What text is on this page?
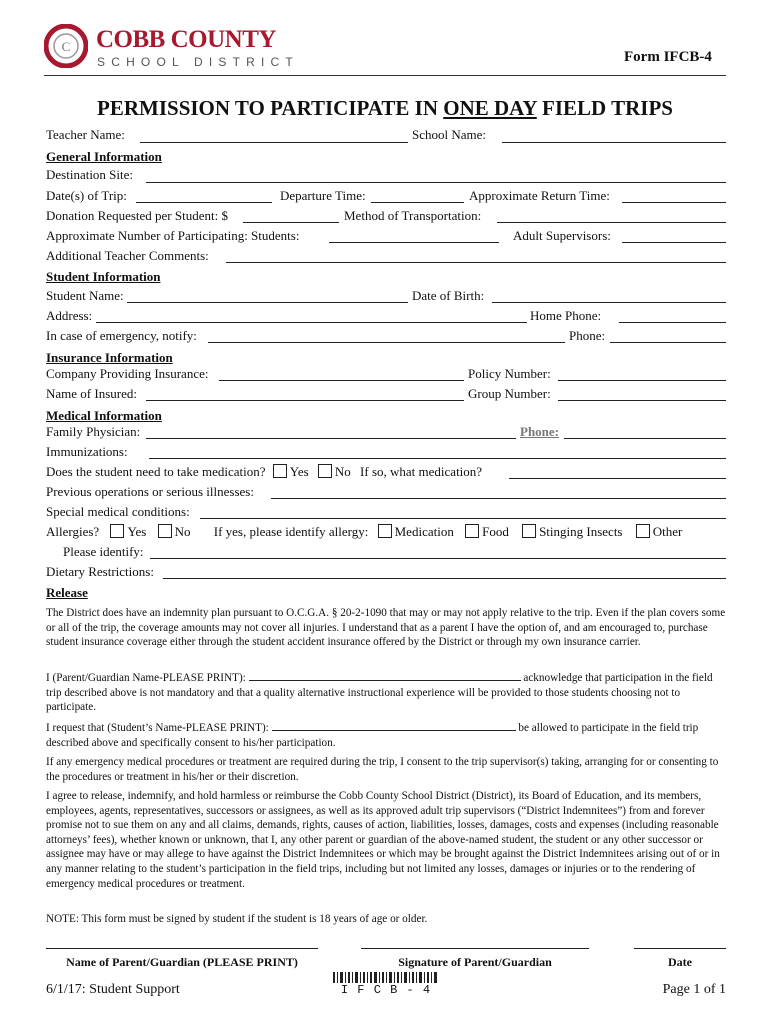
C COBB COUNTY
SCHOOL DISTRICT	Form IFCB-4
PERMISSION TO PARTICIPATE IN ONE DAY FIELD TRIPS
Teacher Name:	School Name:
General Information
Destination Site:
Date(s) of Trip:	Departure Time:	Approximate Return Time:
Donation Requested per Student: $	Method of Transportation:
Approximate Number of Participating: Students:	Adult Supervisors:
Additional Teacher Comments:
Student Information
Student Name:	Date of Birth:
Address:	Home Phone:
In case of emergency, notify:	Phone:
Insurance Information
Company Providing Insurance:	Policy Number:
Name of Insured:	Group Number:
Medical Information
Family Physician:	Phone:
Immunizations:
Does the student need to take medication? Yes No If so, what medication?
Previous operations or serious illnesses:
Special medical conditions:
Allergies? Yes No If yes, please identify allergy: Medication Food Stinging Insects Other
Please identify:
Dietary Restrictions:
Release
The District does have an indemnity plan pursuant to O.C.G.A. § 20-2-1090 that may or may not apply relative to the trip. Even if the plan covers some or all of the trip, the coverage amounts may not cover all injuries. I understand that as a parent I have the option of, and am encouraged to, purchase student insurance coverage either through the student accident insurance offered by the District or through my own insurance carrier.
I (Parent/Guardian Name-PLEASE PRINT):	acknowledge that participation in the field trip described above is not mandatory and that a quality alternative instructional experience will be provided to those students choosing not to participate.
I request that (Student’s Name-PLEASE PRINT):	be allowed to participate in the field trip described above and specifically consent to his/her participation.
If any emergency medical procedures or treatment are required during the trip, I consent to the trip supervisor(s) taking, arranging for or consenting to the procedures or treatment in his/her or their discretion.
I agree to release, indemnify, and hold harmless or reimburse the Cobb County School District (District), its Board of Education, and its members, employees, agents, representatives, successors or assignees, as well as its approved adult trip supervisors (“District Indemnitees”) from and forever promise not to sue them on any and all claims, demands, rights, causes of action, liabilities, losses, damages, costs and expenses (including reasonable attorneys’ fees), whether known or unknown, that I, any other parent or guardian of the above-named student, the student or any other successor or assignee may have or may allege to have against the District Indemnitees or which may be brought against the District Indemnitees arising out of or in any manner relating to the student’s participation in the field trips, including but not limited any losses, damages or injuries or to the rendering of emergency medical procedures or treatment.
NOTE: This form must be signed by student if the student is 18 years of age or older.
Name of Parent/Guardian (PLEASE PRINT)	Signature of Parent/Guardian	Date
6/1/17: Student Support	I F C B - 4	Page 1 of 1
